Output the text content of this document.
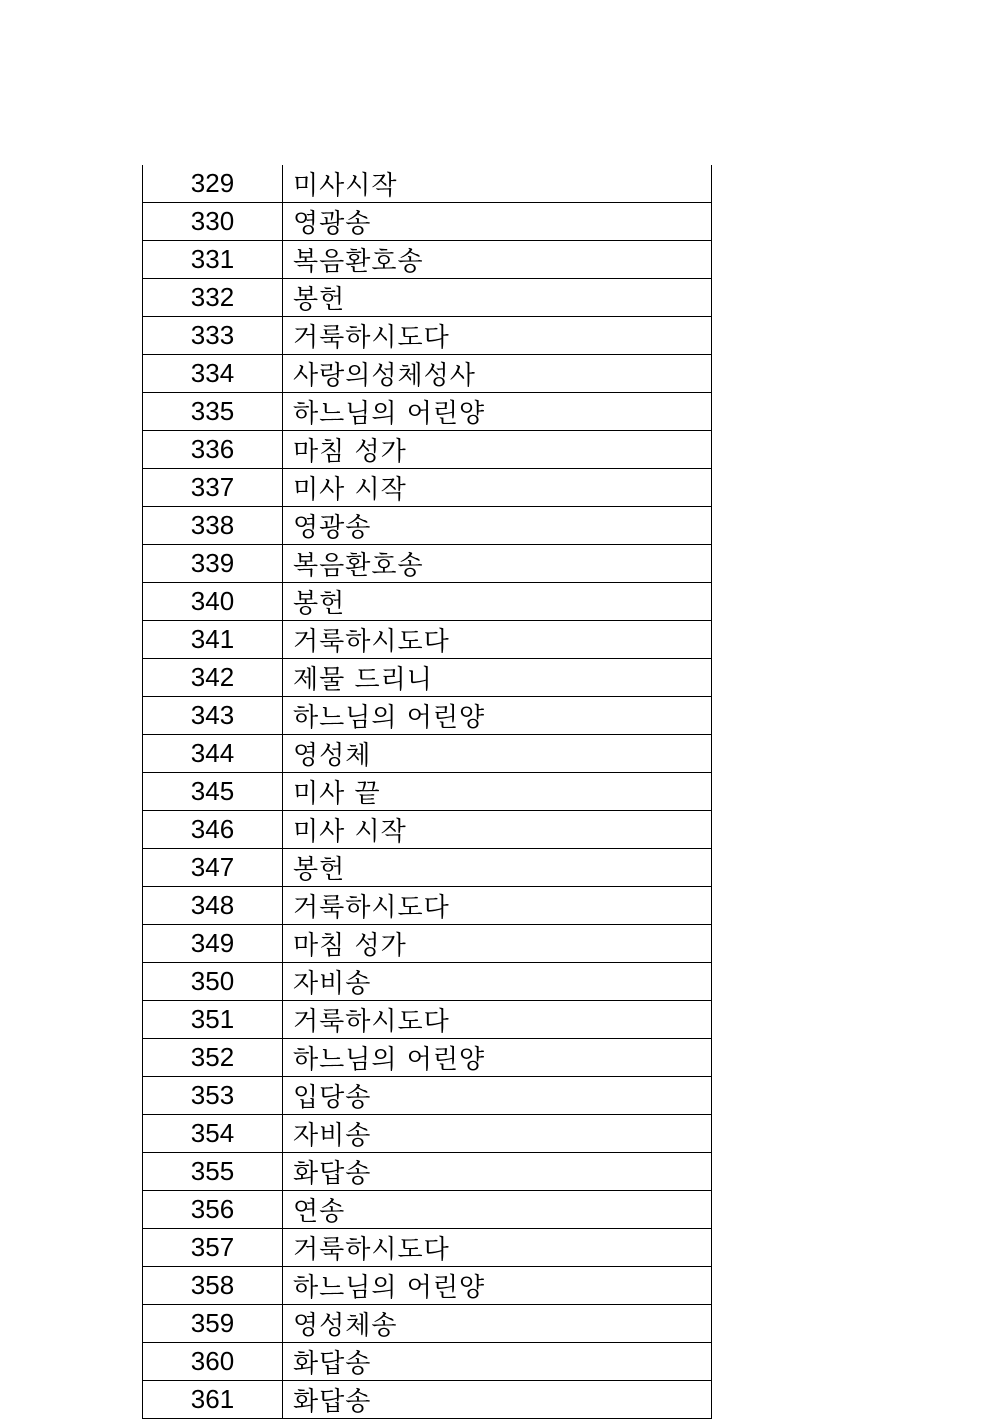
329	미사시작
330	영광송
331	복음환호송
332	봉헌
333	거룩하시도다
334	사랑의성체성사
335	하느님의 어린양
336	마침 성가
337	미사 시작
338	영광송
339	복음환호송
340	봉헌
341	거룩하시도다
342	제물 드리니
343	하느님의 어린양
344	영성체
345	미사 끝
346	미사 시작
347	봉헌
348	거룩하시도다
349	마침 성가
350	자비송
351	거룩하시도다
352	하느님의 어린양
353	입당송
354	자비송
355	화답송
356	연송
357	거룩하시도다
358	하느님의 어린양
359	영성체송
360	화답송
361	화답송
